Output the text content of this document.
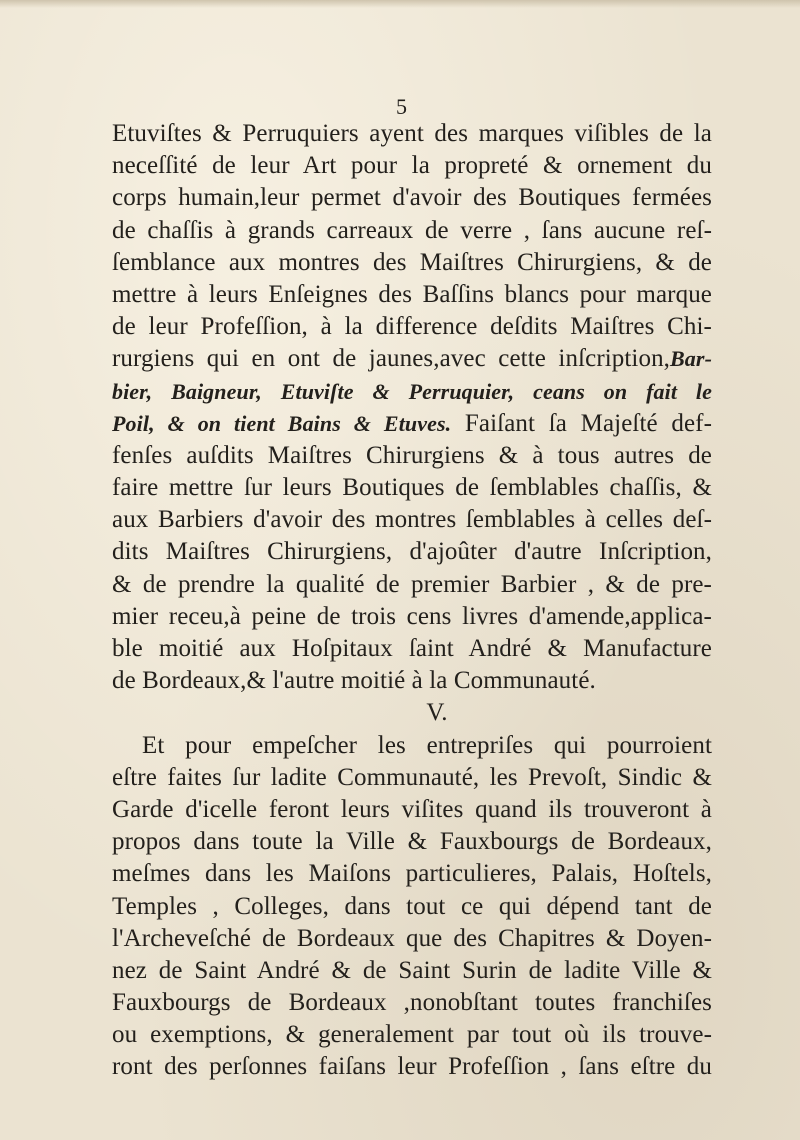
5
Etuviſtes & Perruquiers ayent des marques viſibles de la
neceſſité de leur Art pour la propreté & ornement du
corps humain,leur permet d'avoir des Boutiques fermées
de chaſſis à grands carreaux de verre , ſans aucune reſ-
ſemblance aux montres des Maiſtres Chirurgiens, & de
mettre à leurs Enſeignes des Baſſins blancs pour marque
de leur Profeſſion, à la difference deſdits Maiſtres Chi-
rurgiens qui en ont de jaunes,avec cette inſcription,Bar-
bier, Baigneur, Etuviſte & Perruquier, ceans on fait le
Poil, & on tient Bains & Etuves. Faiſant ſa Majeſté def-
fenſes auſdits Maiſtres Chirurgiens & à tous autres de
faire mettre ſur leurs Boutiques de ſemblables chaſſis, &
aux Barbiers d'avoir des montres ſemblables à celles deſ-
dits Maiſtres Chirurgiens, d'ajoûter d'autre Inſcription,
& de prendre la qualité de premier Barbier , & de pre-
mier receu,à peine de trois cens livres d'amende,applica-
ble moitié aux Hoſpitaux ſaint André & Manufacture
de Bordeaux,& l'autre moitié à la Communauté.
V.
Et pour empeſcher les entrepriſes qui pourroient
eſtre faites ſur ladite Communauté, les Prevoſt, Sindic &
Garde d'icelle feront leurs viſites quand ils trouveront à
propos dans toute la Ville & Fauxbourgs de Bordeaux,
meſmes dans les Maiſons particulieres, Palais, Hoſtels,
Temples , Colleges, dans tout ce qui dépend tant de
l'Archeveſché de Bordeaux que des Chapitres & Doyen-
nez de Saint André & de Saint Surin de ladite Ville &
Fauxbourgs de Bordeaux ,nonobſtant toutes franchiſes
ou exemptions, & generalement par tout où ils trouve-
ront des perſonnes faiſans leur Profeſſion , ſans eſtre du
